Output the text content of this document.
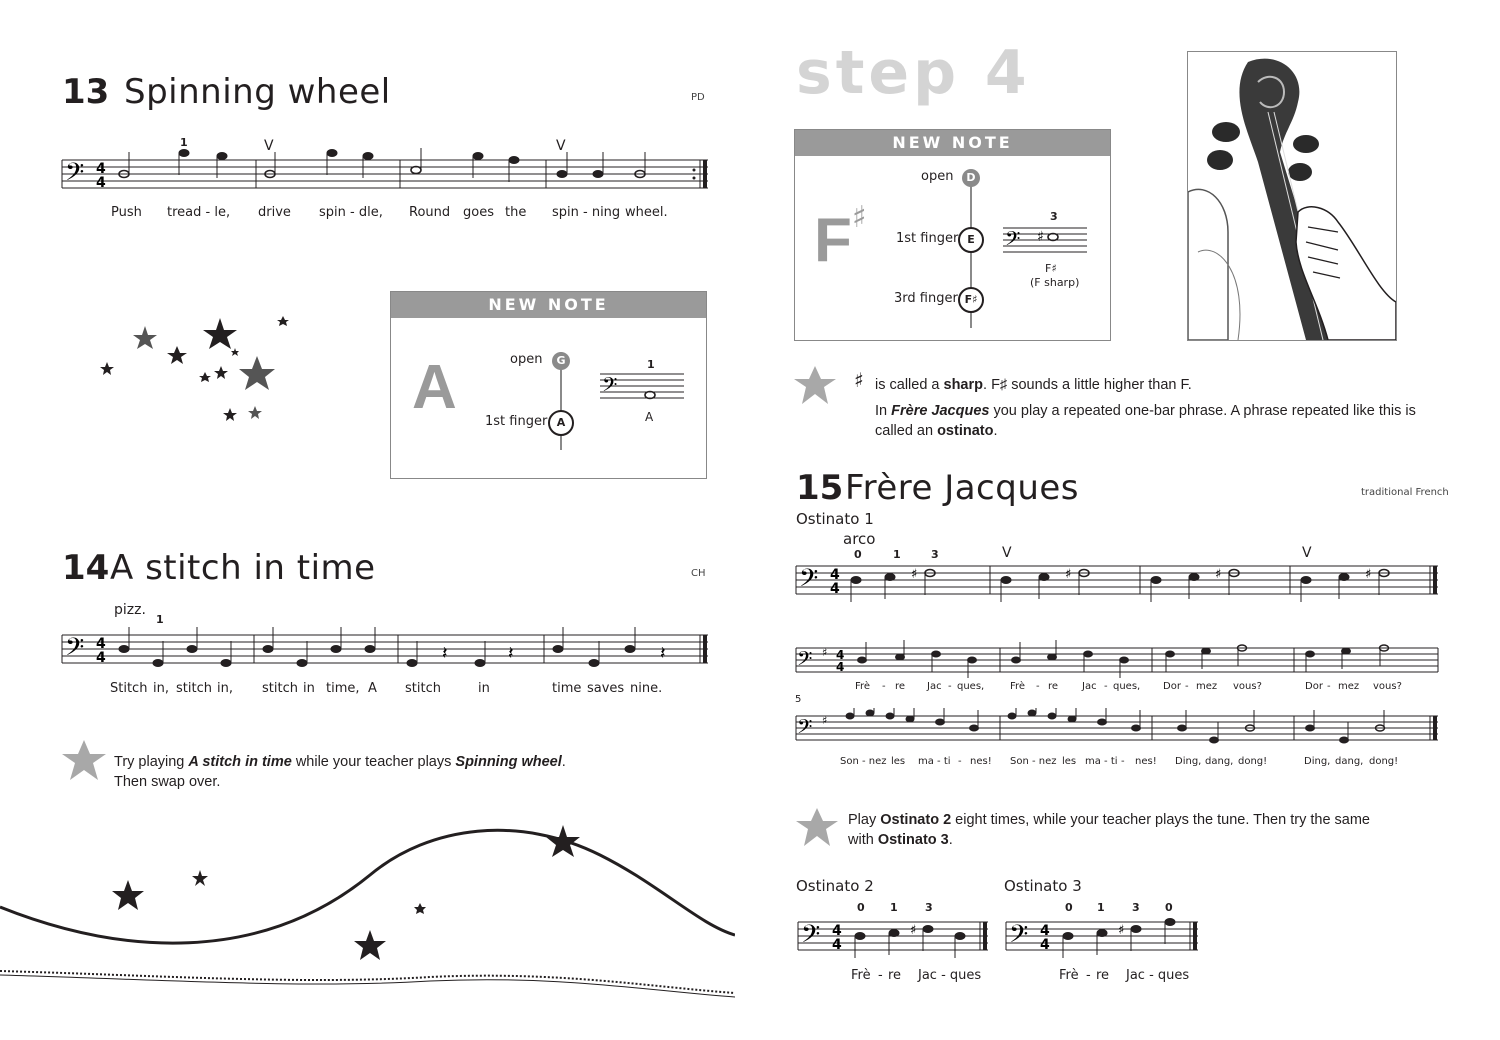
13 Spinning wheel	PD
𝄢 4
4
1	V	V
Push tread - le, drive spin - dle, Round goes the spin - ning wheel.
NEW NOTE
A	open	G
1st finger A
𝄢
1
A
14 A stitch in time	CH
pizz.
1
𝄢 4
4	𝄽	𝄽	𝄽
Stitch in, stitch in, stitch in time, A stitch	in	time saves nine.
Try playing A stitch in time while your teacher plays Spinning wheel.
Then swap over.
step 4
NEW NOTE
F ♯
open	D
1st finger E
3rd finger F♯
𝄢 ♯
3
F♯
(F sharp)
♯ is called a sharp. F♯ sounds a little higher than F.
In Frère Jacques you play a repeated one-bar phrase. A phrase repeated like this is
called an ostinato.
15 Frère Jacques	traditional French
Ostinato 1
arco
0	1	3	V	V
𝄢 4
4
♯	♯	♯	♯
𝄢 ♯ 4
4
Frè - re Jac - ques,	Frè - re Jac - ques, Dor - mez vous?	Dor - mez vous?
5
𝄢 ♯
Son - nez les ma - ti - nes! Son - nez les ma - ti - nes! Ding, dang, dong!	Ding, dang, dong!
Play Ostinato 2 eight times, while your teacher plays the tune. Then try the same
with Ostinato 3.
Ostinato 2
0 1 3
𝄢 4
4
♯
Frè - re Jac - ques
Ostinato 3
0 1 3 0
𝄢 4
4
♯
Frè - re Jac - ques
